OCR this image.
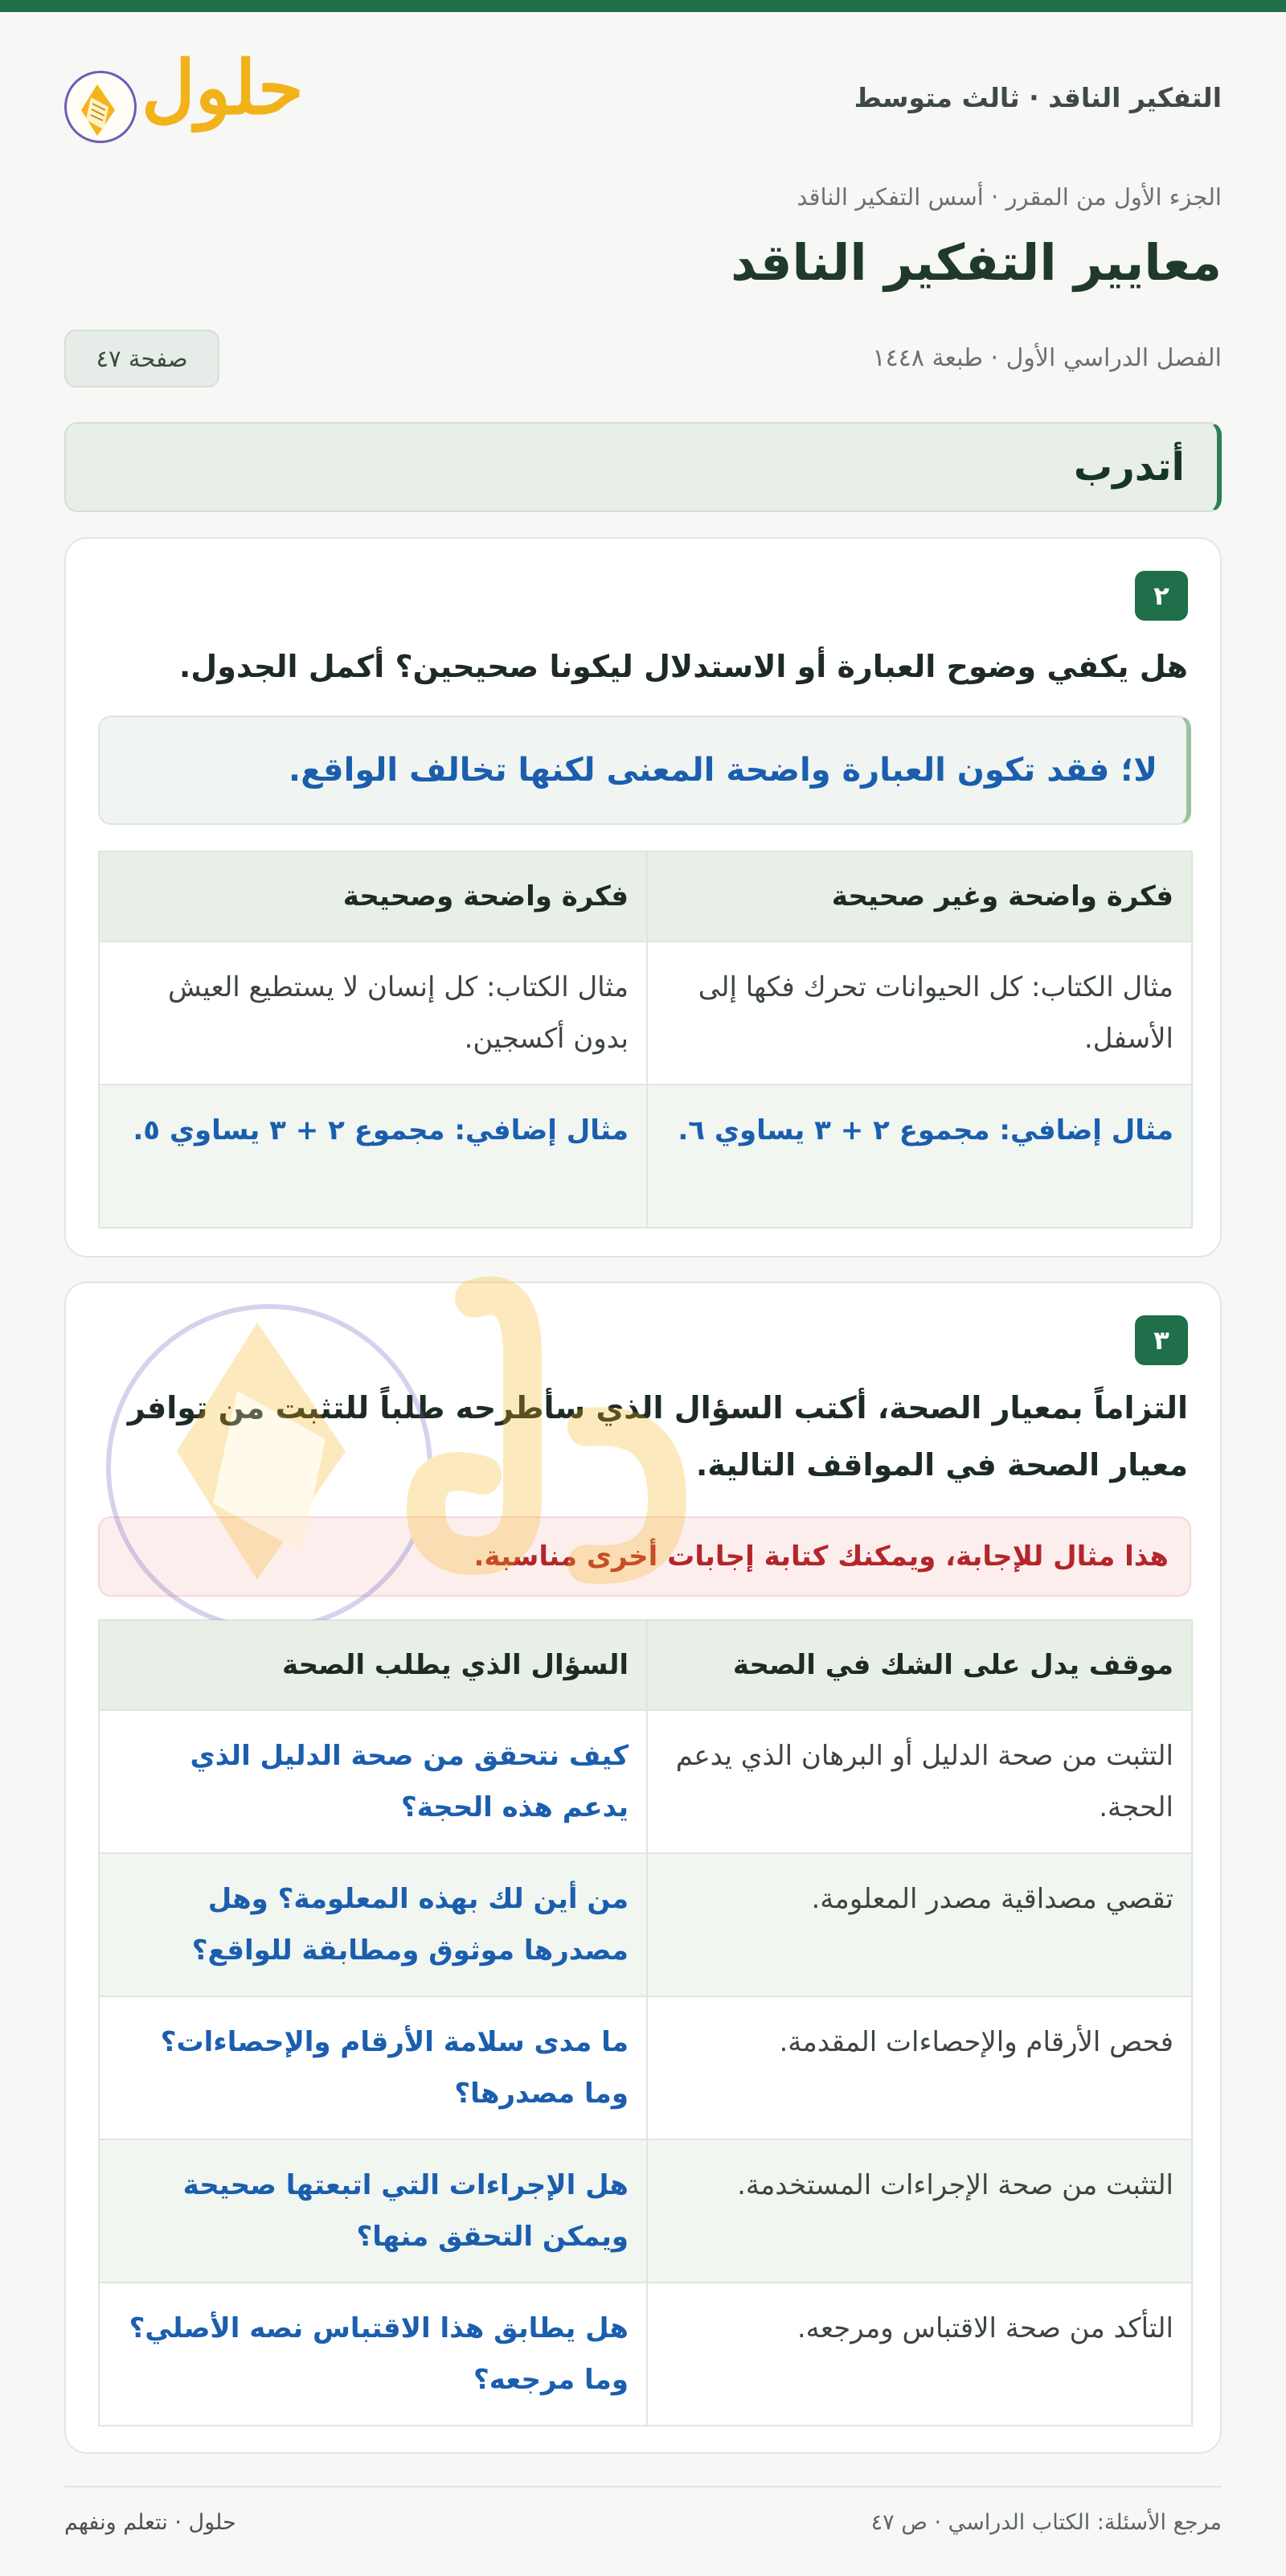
التفكير الناقد · ثالث متوسط
حلول
الجزء الأول من المقرر · أسس التفكير الناقد
معايير التفكير الناقد
الفصل الدراسي الأول · طبعة ١٤٤٨
صفحة ٤٧
أتدرب
٢
هل يكفي وضوح العبارة أو الاستدلال ليكونا صحيحين؟ أكمل الجدول.
لا؛ فقد تكون العبارة واضحة المعنى لكنها تخالف الواقع.
فكرة واضحة وغير صحيحة	فكرة واضحة وصحيحة
مثال الكتاب: كل الحيوانات تحرك فكها إلى الأسفل.	مثال الكتاب: كل إنسان لا يستطيع العيش بدون أكسجين.
مثال إضافي: مجموع ٢ + ٣ يساوي ٦.	مثال إضافي: مجموع ٢ + ٣ يساوي ٥.
٣
التزاماً بمعيار الصحة، أكتب السؤال الذي سأطرحه طلباً للتثبت من توافر معيار الصحة في المواقف التالية.
هذا مثال للإجابة، ويمكنك كتابة إجابات أخرى مناسبة.
موقف يدل على الشك في الصحة	السؤال الذي يطلب الصحة
التثبت من صحة الدليل أو البرهان الذي يدعم الحجة.	كيف نتحقق من صحة الدليل الذي يدعم هذه الحجة؟
تقصي مصداقية مصدر المعلومة.	من أين لك بهذه المعلومة؟ وهل مصدرها موثوق ومطابقة للواقع؟
فحص الأرقام والإحصاءات المقدمة.	ما مدى سلامة الأرقام والإحصاءات؟ وما مصدرها؟
التثبت من صحة الإجراءات المستخدمة.	هل الإجراءات التي اتبعتها صحيحة ويمكن التحقق منها؟
التأكد من صحة الاقتباس ومرجعه.	هل يطابق هذا الاقتباس نصه الأصلي؟ وما مرجعه؟
مرجع الأسئلة: الكتاب الدراسي · ص ٤٧
حلول · نتعلم ونفهم
